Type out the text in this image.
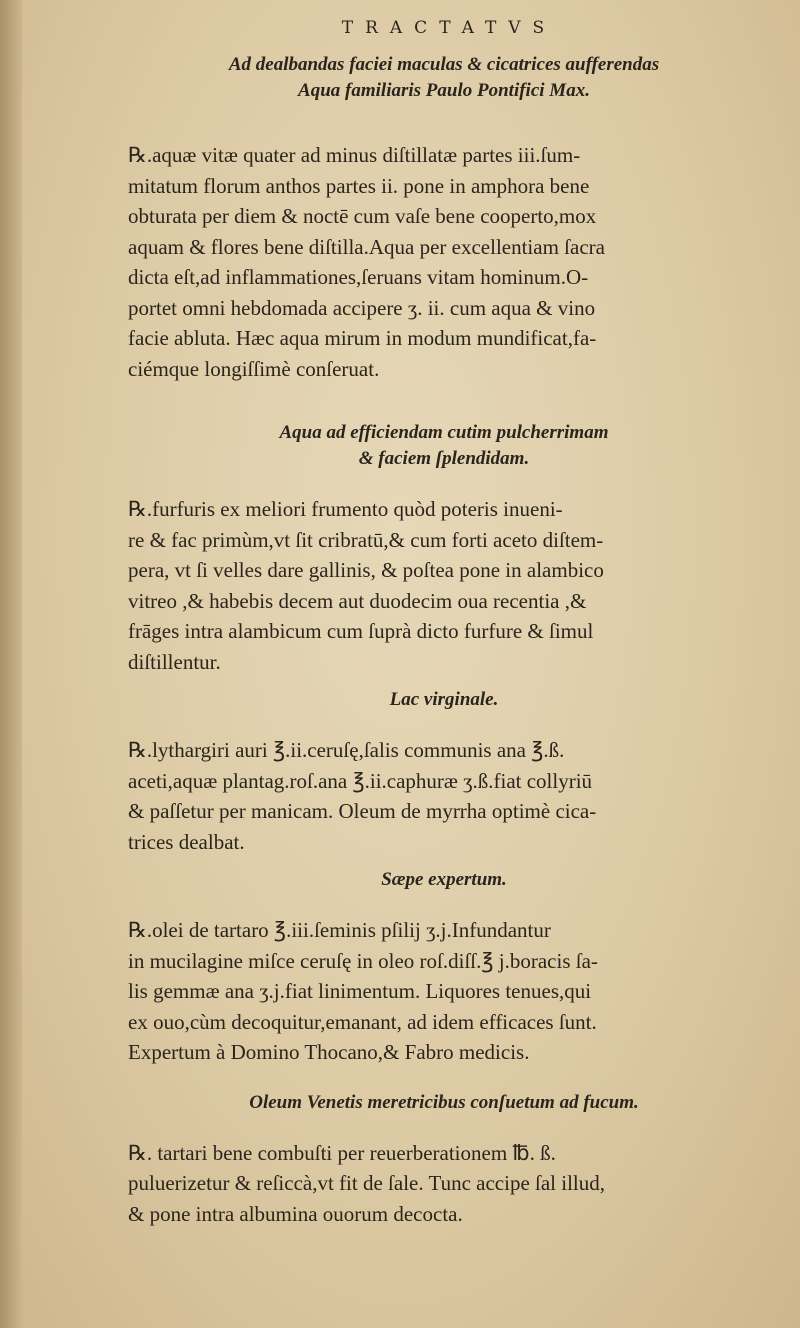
TRACTATVS

Ad dealbandas faciei maculas & cicatrices aufferendas

Aqua familiaris Paulo Pontifici Max.

℞.aquæ vitæ quater ad minus diſtillatæ partes iii.ſum-
mitatum florum anthos partes ii. pone in amphora bene
obturata per diem & noctē cum vaſe bene cooperto,mox
aquam & flores bene diſtilla.Aqua per excellentiam ſacra
dicta eſt,ad inflammationes,ſeruans vitam hominum.O-
portet omni hebdomada accipere ʒ. ii. cum aqua & vino
facie abluta. Hæc aqua mirum in modum mundificat,fa-
ciémque longiſſimè conſeruat.

Aqua ad efficiendam cutim pulcherrimam

& faciem ſplendidam.

℞.furfuris ex meliori frumento quòd poteris inueni-
re & fac primùm,vt ſit cribratū,& cum forti aceto diſtem-
pera, vt ſi velles dare gallinis, & poſtea pone in alambico
vitreo ,& habebis decem aut duodecim oua recentia ,&
frāges intra alambicum cum ſuprà dicto furfure & ſimul
diſtillentur.

Lac virginale.

℞.lythargiri auri ℥.ii.ceruſę,ſalis communis ana ℥.ß.
aceti,aquæ plantag.roſ.ana ℥.ii.caphuræ ʒ.ß.fiat collyriū
& paſſetur per manicam. Oleum de myrrha optimè cica-
trices dealbat.

Sæpe expertum.

℞.olei de tartaro ℥.iii.ſeminis pſilij ʒ.j.Infundantur
in mucilagine miſce ceruſę in oleo roſ.diſſ.℥ j.boracis ſa-
lis gemmæ ana ʒ.j.fiat linimentum. Liquores tenues,qui
ex ouo,cùm decoquitur,emanant, ad idem efficaces ſunt.
Expertum à Domino Thocano,& Fabro medicis.

Oleum Venetis meretricibus conſuetum ad fucum.

℞. tartari bene combuſti per reuerberationem ℔. ß.
puluerizetur & reſiccà,vt fit de ſale. Tunc accipe ſal illud,
& pone intra albumina ouorum decocta.
